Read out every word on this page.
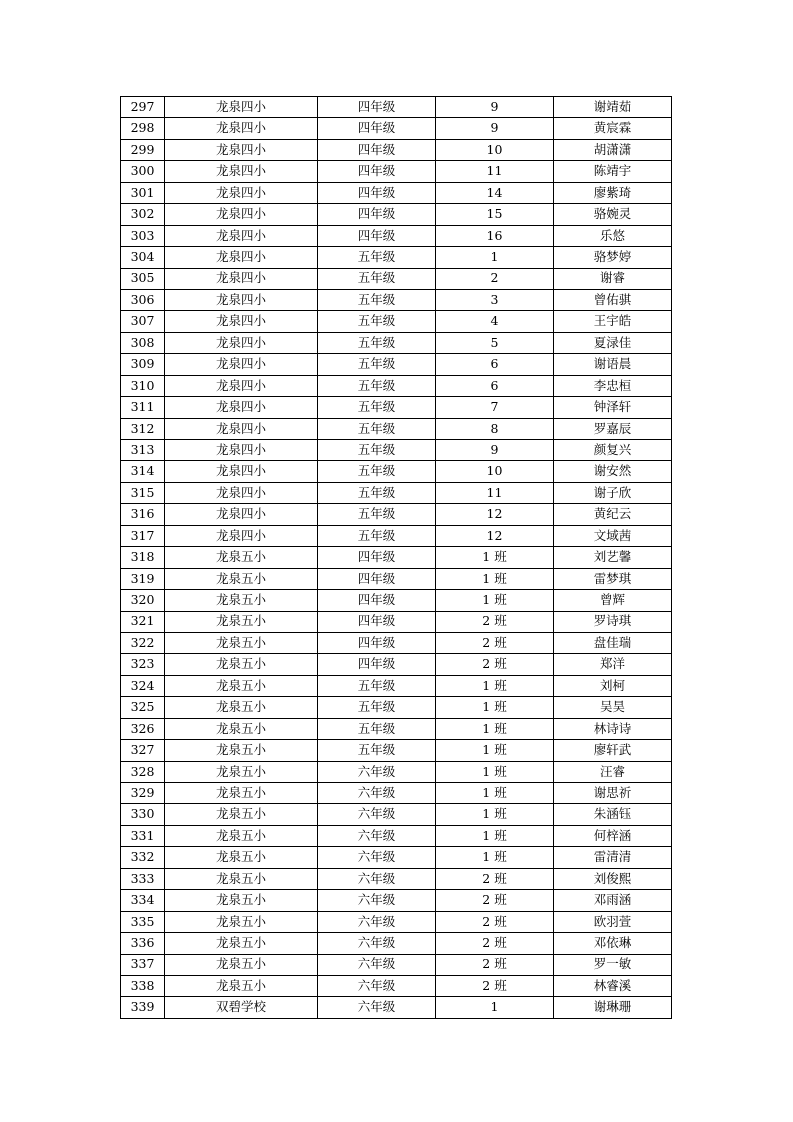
297	龙泉四小	四年级	9	谢靖茹
298	龙泉四小	四年级	9	黄宸霖
299	龙泉四小	四年级	10	胡潇潇
300	龙泉四小	四年级	11	陈靖宇
301	龙泉四小	四年级	14	廖紫琦
302	龙泉四小	四年级	15	骆婉灵
303	龙泉四小	四年级	16	乐悠
304	龙泉四小	五年级	1	骆梦婷
305	龙泉四小	五年级	2	谢睿
306	龙泉四小	五年级	3	曾佑骐
307	龙泉四小	五年级	4	王宇皓
308	龙泉四小	五年级	5	夏渌佳
309	龙泉四小	五年级	6	谢语晨
310	龙泉四小	五年级	6	李忠桓
311	龙泉四小	五年级	7	钟泽轩
312	龙泉四小	五年级	8	罗嘉辰
313	龙泉四小	五年级	9	颜复兴
314	龙泉四小	五年级	10	谢安然
315	龙泉四小	五年级	11	谢子欣
316	龙泉四小	五年级	12	黄纪云
317	龙泉四小	五年级	12	文域茜
318	龙泉五小	四年级	1 班	刘艺馨
319	龙泉五小	四年级	1 班	雷梦琪
320	龙泉五小	四年级	1 班	曾辉
321	龙泉五小	四年级	2 班	罗诗琪
322	龙泉五小	四年级	2 班	盘佳瑞
323	龙泉五小	四年级	2 班	郑洋
324	龙泉五小	五年级	1 班	刘柯
325	龙泉五小	五年级	1 班	吴昊
326	龙泉五小	五年级	1 班	林诗诗
327	龙泉五小	五年级	1 班	廖轩武
328	龙泉五小	六年级	1 班	汪睿
329	龙泉五小	六年级	1 班	谢思祈
330	龙泉五小	六年级	1 班	朱涵钰
331	龙泉五小	六年级	1 班	何梓涵
332	龙泉五小	六年级	1 班	雷清清
333	龙泉五小	六年级	2 班	刘俊熙
334	龙泉五小	六年级	2 班	邓雨涵
335	龙泉五小	六年级	2 班	欧羽萱
336	龙泉五小	六年级	2 班	邓依琳
337	龙泉五小	六年级	2 班	罗一敏
338	龙泉五小	六年级	2 班	林睿溪
339	双碧学校	六年级	1	谢琳珊
